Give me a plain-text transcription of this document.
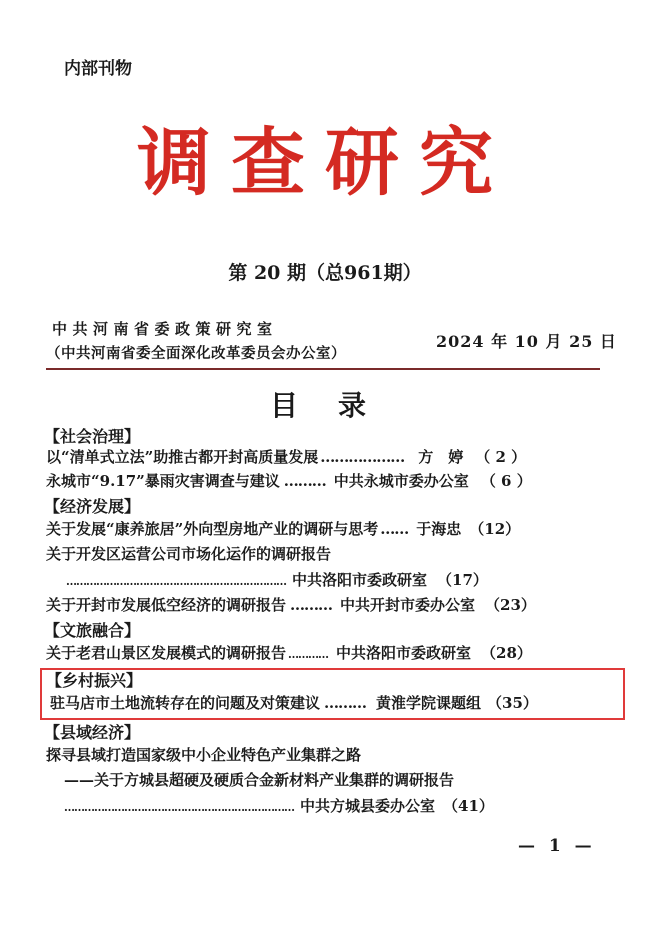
内部刊物
调查研究
第 20 期（总961期）
中共河南省委政策研究室
（中共河南省委全面深化改革委员会办公室）
2024 年 10 月 25 日
目录
【社会治理】
以“清单式立法”助推古都开封高质量发展 ……………… 方　婷 （ 2 ）
永城市“9.17”暴雨灾害调查与建议 ……… 中共永城市委办公室 （ 6 ）
【经济发展】
关于发展“康养旅居”外向型房地产业的调研与思考 …… 于海忠 （12）
关于开发区运营公司市场化运作的调研报告
………………………………………………………… 中共洛阳市委政研室 （17）
关于开封市发展低空经济的调研报告 ……… 中共开封市委办公室 （23）
【文旅融合】
关于老君山景区发展模式的调研报告 ………… 中共洛阳市委政研室 （28）
【乡村振兴】
驻马店市土地流转存在的问题及对策建议 ……… 黄淮学院课题组 （35）
【县域经济】
探寻县域打造国家级中小企业特色产业集群之路
——关于方城县超硬及硬质合金新材料产业集群的调研报告
…………………………………………………………… 中共方城县委办公室 （41）
— 1 —
